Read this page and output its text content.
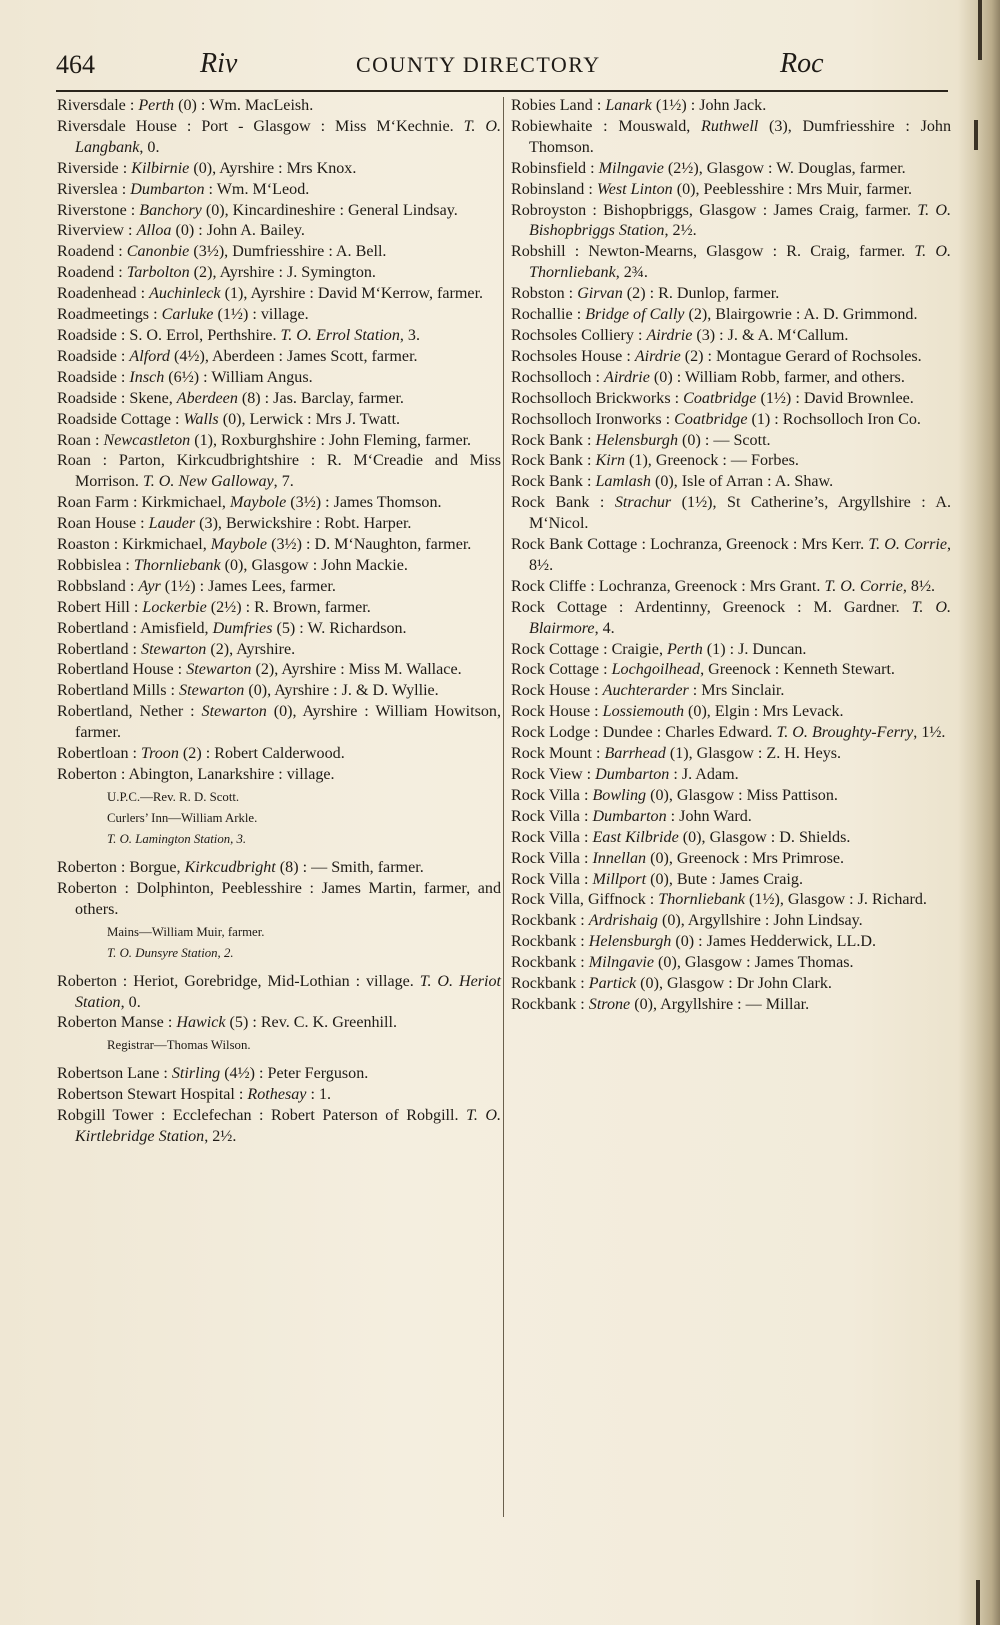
464	Riv	COUNTY DIRECTORY	Roc
Riversdale : Perth (0) : Wm. MacLeish.
Riversdale House : Port - Glasgow : Miss M‘Kechnie. T. O. Langbank, 0.
Riverside : Kilbirnie (0), Ayrshire : Mrs Knox.
Riverslea : Dumbarton : Wm. M‘Leod.
Riverstone : Banchory (0), Kincardineshire : General Lindsay.
Riverview : Alloa (0) : John A. Bailey.
Roadend : Canonbie (3½), Dumfriesshire : A. Bell.
Roadend : Tarbolton (2), Ayrshire : J. Symington.
Roadenhead : Auchinleck (1), Ayrshire : David M‘Kerrow, farmer.
Roadmeetings : Carluke (1½) : village.
Roadside : S. O. Errol, Perthshire. T. O. Errol Station, 3.
Roadside : Alford (4½), Aberdeen : James Scott, farmer.
Roadside : Insch (6½) : William Angus.
Roadside : Skene, Aberdeen (8) : Jas. Barclay, farmer.
Roadside Cottage : Walls (0), Lerwick : Mrs J. Twatt.
Roan : Newcastleton (1), Roxburghshire : John Fleming, farmer.
Roan : Parton, Kirkcudbrightshire : R. M‘Creadie and Miss Morrison. T. O. New Galloway, 7.
Roan Farm : Kirkmichael, Maybole (3½) : James Thomson.
Roan House : Lauder (3), Berwickshire : Robt. Harper.
Roaston : Kirkmichael, Maybole (3½) : D. M‘Naughton, farmer.
Robbislea : Thornliebank (0), Glasgow : John Mackie.
Robbsland : Ayr (1½) : James Lees, farmer.
Robert Hill : Lockerbie (2½) : R. Brown, farmer.
Robertland : Amisfield, Dumfries (5) : W. Richardson.
Robertland : Stewarton (2), Ayrshire.
Robertland House : Stewarton (2), Ayrshire : Miss M. Wallace.
Robertland Mills : Stewarton (0), Ayrshire : J. & D. Wyllie.
Robertland, Nether : Stewarton (0), Ayrshire : William Howitson, farmer.
Robertloan : Troon (2) : Robert Calderwood.
Roberton : Abington, Lanarkshire : village.
U.P.C.—Rev. R. D. Scott.
Curlers’ Inn—William Arkle.
T. O. Lamington Station, 3.
Roberton : Borgue, Kirkcudbright (8) : — Smith, farmer.
Roberton : Dolphinton, Peeblesshire : James Martin, farmer, and others.
Mains—William Muir, farmer.
T. O. Dunsyre Station, 2.
Roberton : Heriot, Gorebridge, Mid-Lothian : village. T. O. Heriot Station, 0.
Roberton Manse : Hawick (5) : Rev. C. K. Greenhill.
Registrar—Thomas Wilson.
Robertson Lane : Stirling (4½) : Peter Ferguson.
Robertson Stewart Hospital : Rothesay : 1.
Robgill Tower : Ecclefechan : Robert Paterson of Robgill. T. O. Kirtlebridge Station, 2½.
Robies Land : Lanark (1½) : John Jack.
Robiewhaite : Mouswald, Ruthwell (3), Dumfriesshire : John Thomson.
Robinsfield : Milngavie (2½), Glasgow : W. Douglas, farmer.
Robinsland : West Linton (0), Peeblesshire : Mrs Muir, farmer.
Robroyston : Bishopbriggs, Glasgow : James Craig, farmer. T. O. Bishopbriggs Station, 2½.
Robshill : Newton-Mearns, Glasgow : R. Craig, farmer. T. O. Thornliebank, 2¾.
Robston : Girvan (2) : R. Dunlop, farmer.
Rochallie : Bridge of Cally (2), Blairgowrie : A. D. Grimmond.
Rochsoles Colliery : Airdrie (3) : J. & A. M‘Callum.
Rochsoles House : Airdrie (2) : Montague Gerard of Rochsoles.
Rochsolloch : Airdrie (0) : William Robb, farmer, and others.
Rochsolloch Brickworks : Coatbridge (1½) : David Brownlee.
Rochsolloch Ironworks : Coatbridge (1) : Rochsolloch Iron Co.
Rock Bank : Helensburgh (0) : — Scott.
Rock Bank : Kirn (1), Greenock : — Forbes.
Rock Bank : Lamlash (0), Isle of Arran : A. Shaw.
Rock Bank : Strachur (1½), St Catherine’s, Argyllshire : A. M‘Nicol.
Rock Bank Cottage : Lochranza, Greenock : Mrs Kerr. T. O. Corrie, 8½.
Rock Cliffe : Lochranza, Greenock : Mrs Grant. T. O. Corrie, 8½.
Rock Cottage : Ardentinny, Greenock : M. Gardner. T. O. Blairmore, 4.
Rock Cottage : Craigie, Perth (1) : J. Duncan.
Rock Cottage : Lochgoilhead, Greenock : Kenneth Stewart.
Rock House : Auchterarder : Mrs Sinclair.
Rock House : Lossiemouth (0), Elgin : Mrs Levack.
Rock Lodge : Dundee : Charles Edward. T. O. Broughty-Ferry, 1½.
Rock Mount : Barrhead (1), Glasgow : Z. H. Heys.
Rock View : Dumbarton : J. Adam.
Rock Villa : Bowling (0), Glasgow : Miss Pattison.
Rock Villa : Dumbarton : John Ward.
Rock Villa : East Kilbride (0), Glasgow : D. Shields.
Rock Villa : Innellan (0), Greenock : Mrs Primrose.
Rock Villa : Millport (0), Bute : James Craig.
Rock Villa, Giffnock : Thornliebank (1½), Glasgow : J. Richard.
Rockbank : Ardrishaig (0), Argyllshire : John Lindsay.
Rockbank : Helensburgh (0) : James Hedderwick, LL.D.
Rockbank : Milngavie (0), Glasgow : James Thomas.
Rockbank : Partick (0), Glasgow : Dr John Clark.
Rockbank : Strone (0), Argyllshire : — Millar.
